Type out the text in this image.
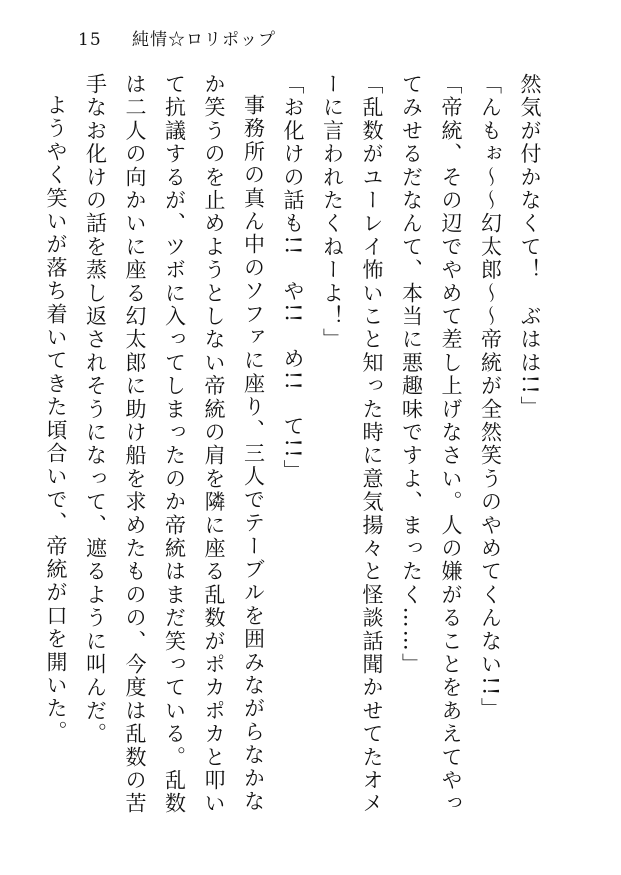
15 純情☆ロリポップ

然気が付かなくて！　ぶはは!!」

「んもぉ～～幻太郎～～帝統が全然笑うのやめてくんない!!」

「帝統、その辺でやめて差し上げなさい。人の嫌がることをあえてやってみせるだなんて、本当に悪趣味ですよ、まったく……」

「乱数がユーレイ怖いこと知った時に意気揚々と怪談話聞かせてたオメーに言われたくねーよ！」

「お化けの話も!!　や!!　め!!　て!!」

事務所の真ん中のソファに座り、三人でテーブルを囲みながらなかなか笑うのを止めようとしない帝統の肩を隣に座る乱数がポカポカと叩いて抗議するが、ツボに入ってしまったのか帝統はまだ笑っている。乱数は二人の向かいに座る幻太郎に助け船を求めたものの、今度は乱数の苦手なお化けの話を蒸し返されそうになって、遮るように叫んだ。

ようやく笑いが落ち着いてきた頃合いで、帝統が口を開いた。
